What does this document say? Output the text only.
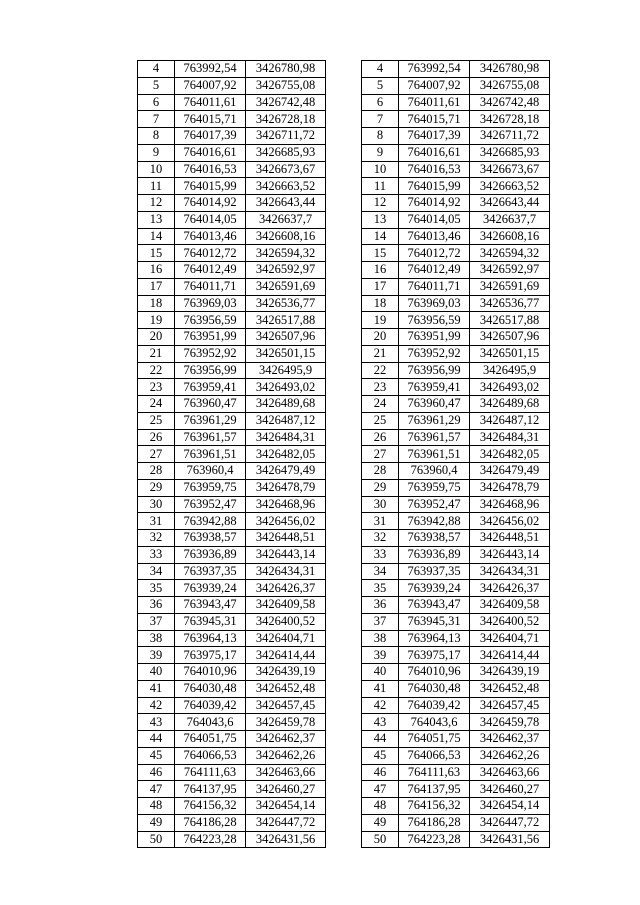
4	763992,54	3426780,98
5	764007,92	3426755,08
6	764011,61	3426742,48
7	764015,71	3426728,18
8	764017,39	3426711,72
9	764016,61	3426685,93
10	764016,53	3426673,67
11	764015,99	3426663,52
12	764014,92	3426643,44
13	764014,05	3426637,7
14	764013,46	3426608,16
15	764012,72	3426594,32
16	764012,49	3426592,97
17	764011,71	3426591,69
18	763969,03	3426536,77
19	763956,59	3426517,88
20	763951,99	3426507,96
21	763952,92	3426501,15
22	763956,99	3426495,9
23	763959,41	3426493,02
24	763960,47	3426489,68
25	763961,29	3426487,12
26	763961,57	3426484,31
27	763961,51	3426482,05
28	763960,4	3426479,49
29	763959,75	3426478,79
30	763952,47	3426468,96
31	763942,88	3426456,02
32	763938,57	3426448,51
33	763936,89	3426443,14
34	763937,35	3426434,31
35	763939,24	3426426,37
36	763943,47	3426409,58
37	763945,31	3426400,52
38	763964,13	3426404,71
39	763975,17	3426414,44
40	764010,96	3426439,19
41	764030,48	3426452,48
42	764039,42	3426457,45
43	764043,6	3426459,78
44	764051,75	3426462,37
45	764066,53	3426462,26
46	764111,63	3426463,66
47	764137,95	3426460,27
48	764156,32	3426454,14
49	764186,28	3426447,72
50	764223,28	3426431,56
4	763992,54	3426780,98
5	764007,92	3426755,08
6	764011,61	3426742,48
7	764015,71	3426728,18
8	764017,39	3426711,72
9	764016,61	3426685,93
10	764016,53	3426673,67
11	764015,99	3426663,52
12	764014,92	3426643,44
13	764014,05	3426637,7
14	764013,46	3426608,16
15	764012,72	3426594,32
16	764012,49	3426592,97
17	764011,71	3426591,69
18	763969,03	3426536,77
19	763956,59	3426517,88
20	763951,99	3426507,96
21	763952,92	3426501,15
22	763956,99	3426495,9
23	763959,41	3426493,02
24	763960,47	3426489,68
25	763961,29	3426487,12
26	763961,57	3426484,31
27	763961,51	3426482,05
28	763960,4	3426479,49
29	763959,75	3426478,79
30	763952,47	3426468,96
31	763942,88	3426456,02
32	763938,57	3426448,51
33	763936,89	3426443,14
34	763937,35	3426434,31
35	763939,24	3426426,37
36	763943,47	3426409,58
37	763945,31	3426400,52
38	763964,13	3426404,71
39	763975,17	3426414,44
40	764010,96	3426439,19
41	764030,48	3426452,48
42	764039,42	3426457,45
43	764043,6	3426459,78
44	764051,75	3426462,37
45	764066,53	3426462,26
46	764111,63	3426463,66
47	764137,95	3426460,27
48	764156,32	3426454,14
49	764186,28	3426447,72
50	764223,28	3426431,56
